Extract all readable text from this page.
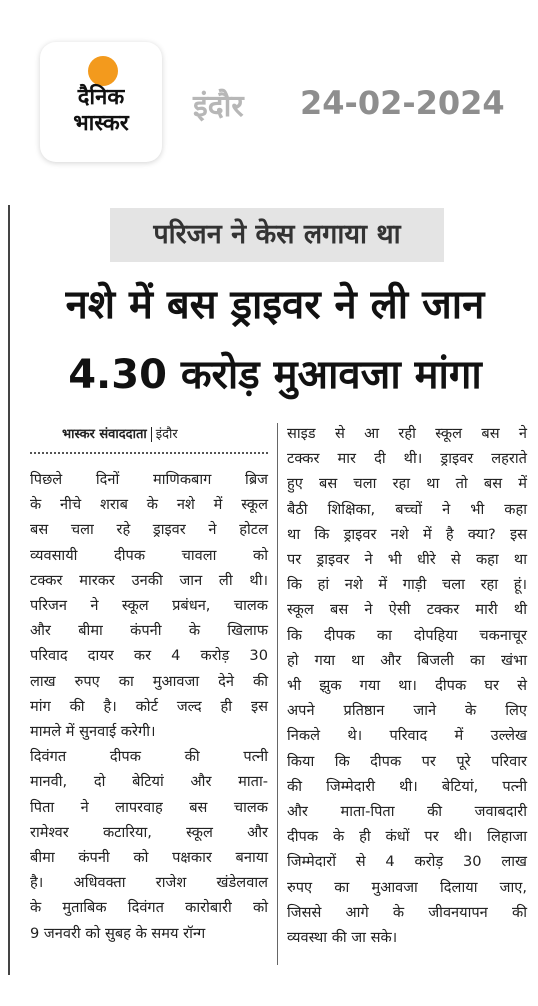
दैनिक
भास्कर	इंदौर 24-02-2024
परिजन ने केस लगाया था
नशे में बस ड्राइवर ने ली जान
4.30 करोड़ मुआवजा मांगा
भास्कर संवाददाता इंदौर
पिछले दिनों माणिकबाग ब्रिज
के नीचे शराब के नशे में स्कूल
बस चला रहे ड्राइवर ने होटल
व्यवसायी दीपक चावला को
टक्कर मारकर उनकी जान ली थी।
परिजन ने स्कूल प्रबंधन, चालक
और बीमा कंपनी के खिलाफ
परिवाद दायर कर 4 करोड़ 30
लाख रुपए का मुआवजा देने की
मांग की है। कोर्ट जल्द ही इस
मामले में सुनवाई करेगी।
दिवंगत दीपक की पत्नी
मानवी, दो बेटियां और माता-
पिता ने लापरवाह बस चालक
रामेश्वर कटारिया, स्कूल और
बीमा कंपनी को पक्षकार बनाया
है। अधिवक्ता राजेश खंडेलवाल
के मुताबिक दिवंगत कारोबारी को
9 जनवरी को सुबह के समय रॉन्ग
साइड से आ रही स्कूल बस ने
टक्कर मार दी थी। ड्राइवर लहराते
हुए बस चला रहा था तो बस में
बैठी शिक्षिका, बच्चों ने भी कहा
था कि ड्राइवर नशे में है क्या? इस
पर ड्राइवर ने भी धीरे से कहा था
कि हां नशे में गाड़ी चला रहा हूं।
स्कूल बस ने ऐसी टक्कर मारी थी
कि दीपक का दोपहिया चकनाचूर
हो गया था और बिजली का खंभा
भी झुक गया था। दीपक घर से
अपने प्रतिष्ठान जाने के लिए
निकले थे। परिवाद में उल्लेख
किया कि दीपक पर पूरे परिवार
की जिम्मेदारी थी। बेटियां, पत्नी
और माता-पिता की जवाबदारी
दीपक के ही कंधों पर थी। लिहाजा
जिम्मेदारों से 4 करोड़ 30 लाख
रुपए का मुआवजा दिलाया जाए,
जिससे आगे के जीवनयापन की
व्यवस्था की जा सके।
